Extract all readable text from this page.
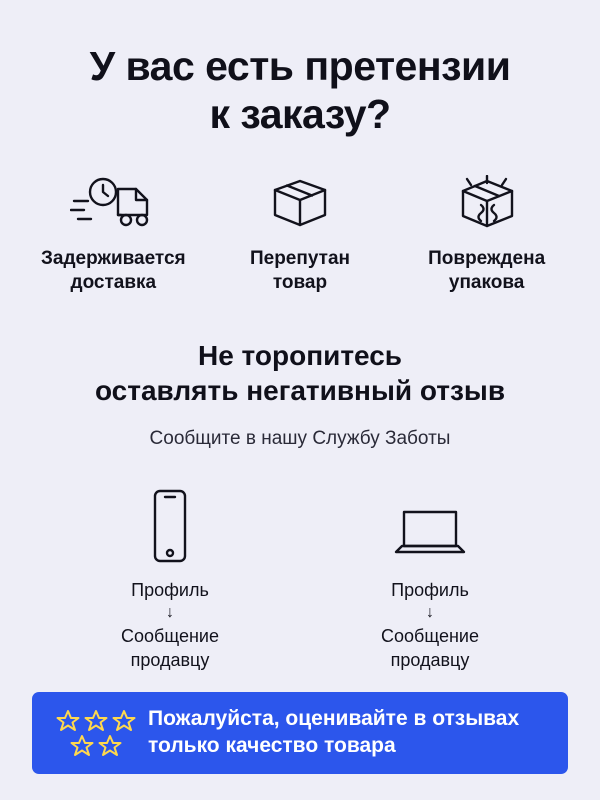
У вас есть претензии
к заказу?
Задерживается
доставка
Перепутан
товар
Повреждена
упакова
Не торопитесь
оставлять негативный отзыв
Сообщите в нашу Службу Заботы
Профиль
↓
Сообщение
продавцу
Профиль
↓
Сообщение
продавцу
Пожалуйста, оценивайте в отзывах
только качество товара
